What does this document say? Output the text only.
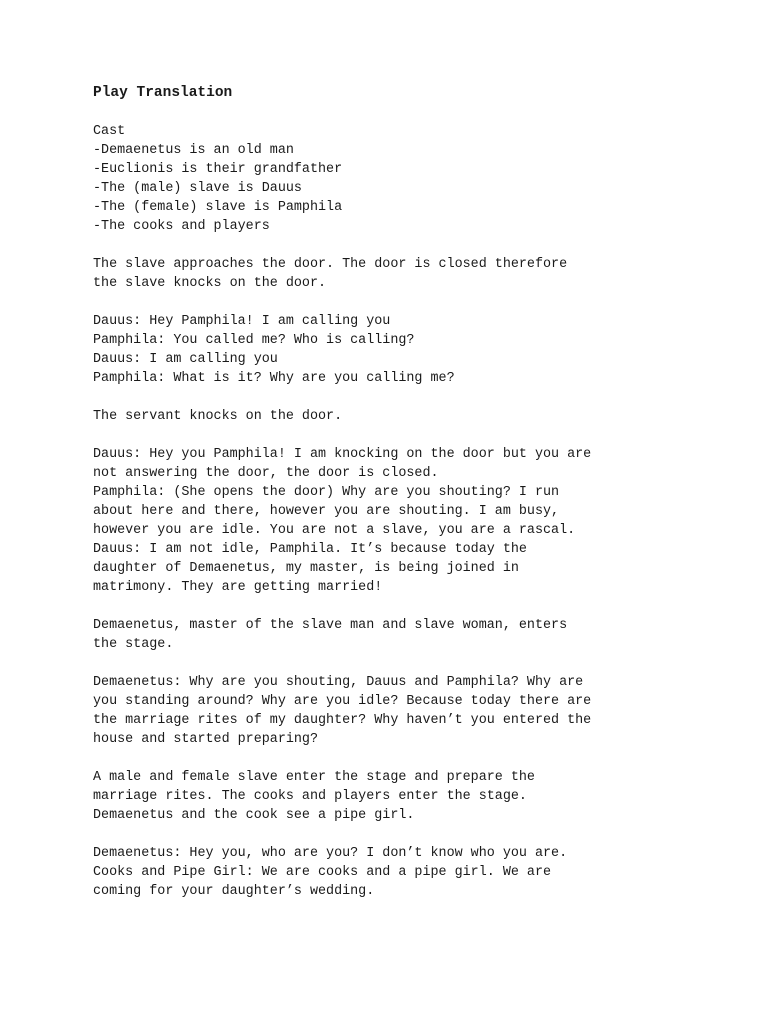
Play Translation
Cast
-Demaenetus is an old man
-Euclionis is their grandfather
-The (male) slave is Dauus
-The (female) slave is Pamphila
-The cooks and players
The slave approaches the door. The door is closed therefore
the slave knocks on the door.
Dauus: Hey Pamphila! I am calling you
Pamphila: You called me? Who is calling?
Dauus: I am calling you
Pamphila: What is it? Why are you calling me?
The servant knocks on the door.
Dauus: Hey you Pamphila! I am knocking on the door but you are
not answering the door, the door is closed.
Pamphila: (She opens the door) Why are you shouting? I run
about here and there, however you are shouting. I am busy,
however you are idle. You are not a slave, you are a rascal.
Dauus: I am not idle, Pamphila. It’s because today the
daughter of Demaenetus, my master, is being joined in
matrimony. They are getting married!
Demaenetus, master of the slave man and slave woman, enters
the stage.
Demaenetus: Why are you shouting, Dauus and Pamphila? Why are
you standing around? Why are you idle? Because today there are
the marriage rites of my daughter? Why haven’t you entered the
house and started preparing?
A male and female slave enter the stage and prepare the
marriage rites. The cooks and players enter the stage.
Demaenetus and the cook see a pipe girl.
Demaenetus: Hey you, who are you? I don’t know who you are.
Cooks and Pipe Girl: We are cooks and a pipe girl. We are
coming for your daughter’s wedding.
